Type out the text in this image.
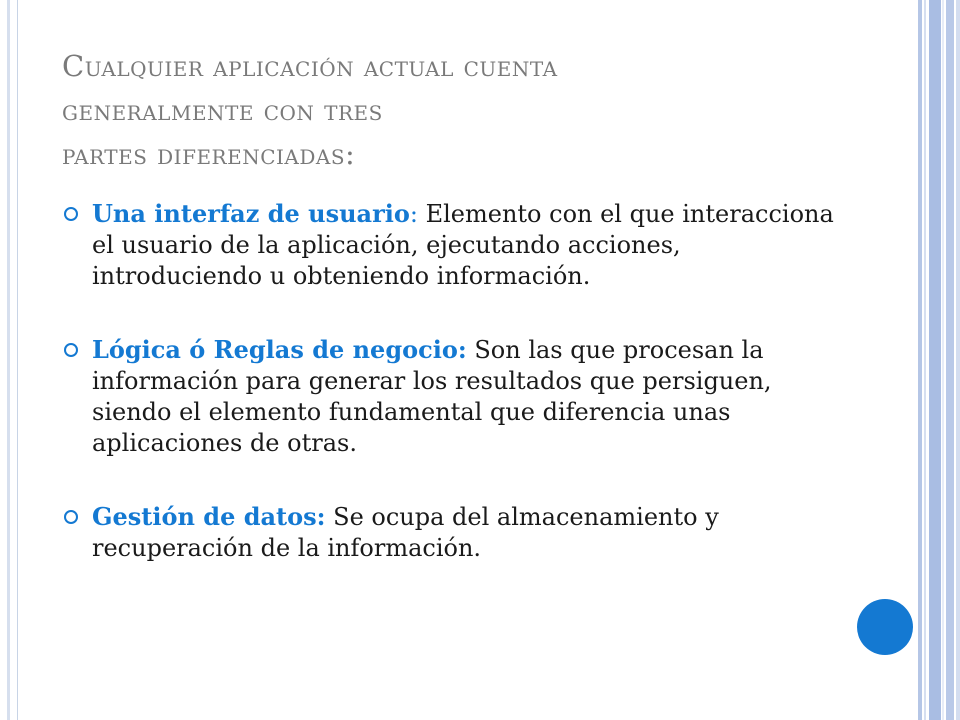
Cualquier aplicación actual cuenta
generalmente con tres
partes diferenciadas:
Una interfaz de usuario: Elemento con el que interacciona el usuario de la aplicación, ejecutando acciones, introduciendo u obteniendo información.
Lógica ó Reglas de negocio: Son las que procesan la información para generar los resultados que persiguen, siendo el elemento fundamental que diferencia unas aplicaciones de otras.
Gestión de datos: Se ocupa del almacenamiento y recuperación de la información.
